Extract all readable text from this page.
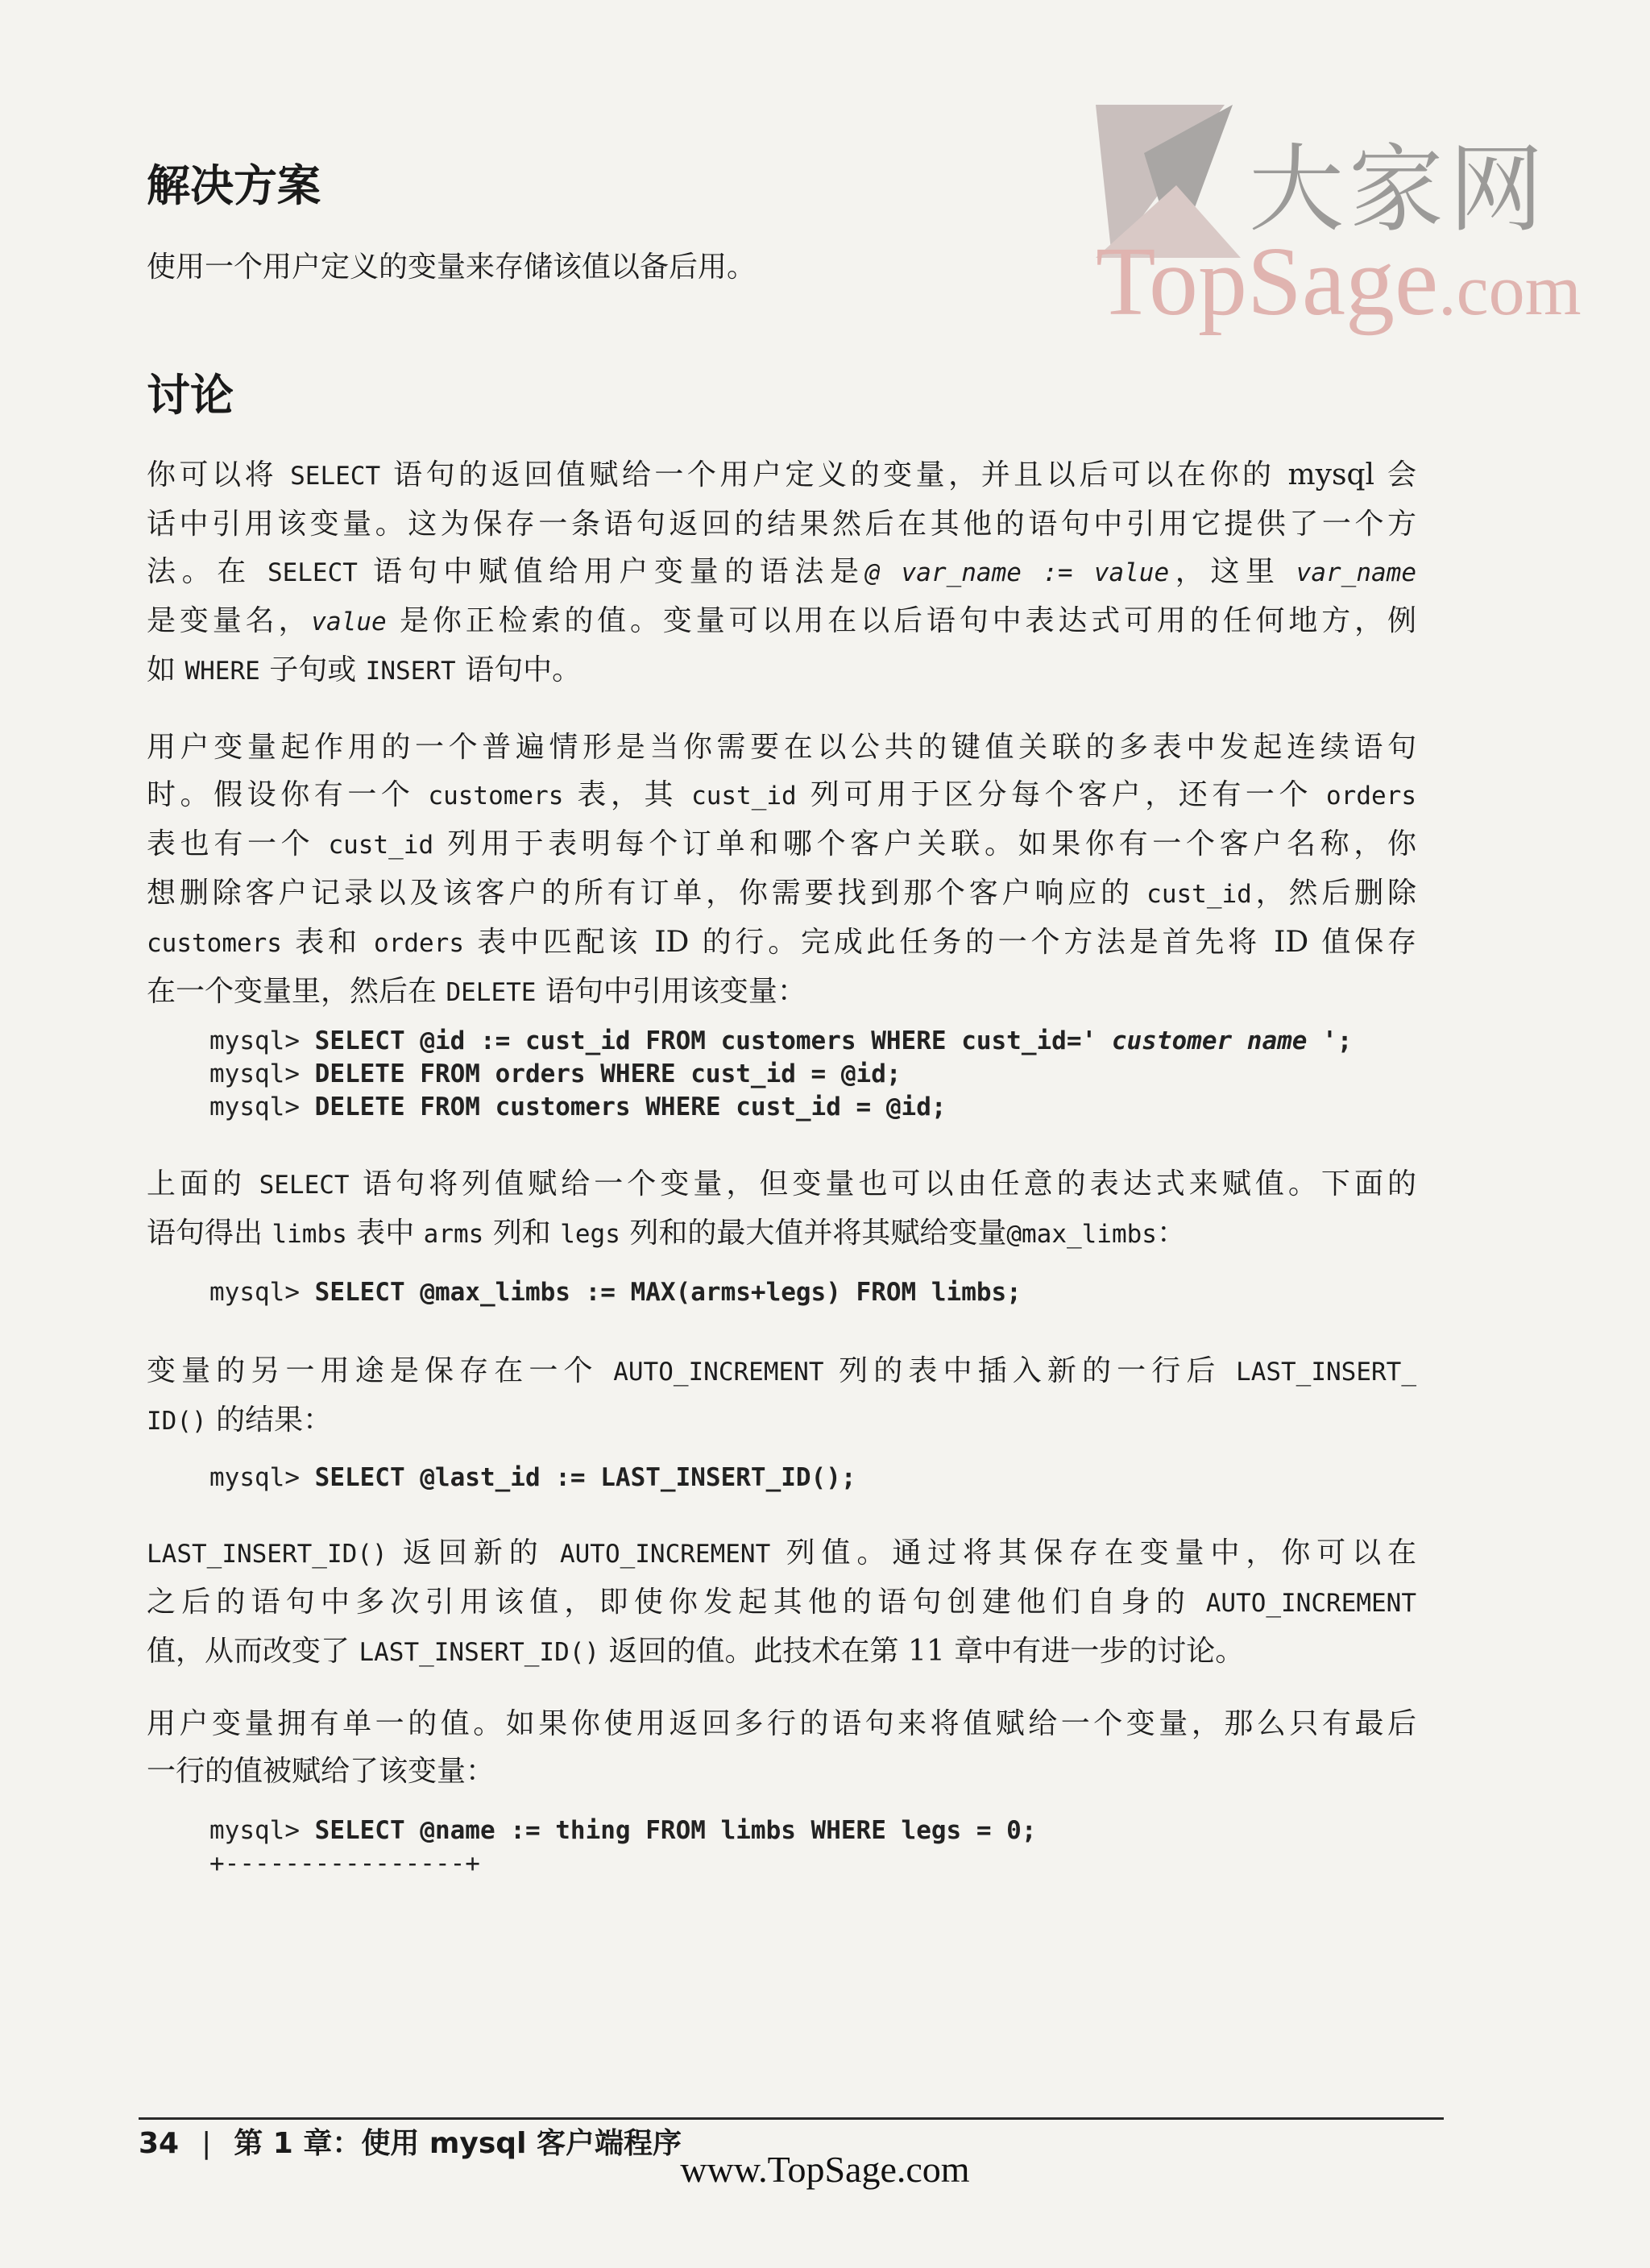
大家网
TopSage.com
解决方案
使用一个用户定义的变量来存储该值以备后用。
讨论
你可以将 SELECT 语句的返回值赋给一个用户定义的变量，并且以后可以在你的 mysql 会
话中引用该变量。这为保存一条语句返回的结果然后在其他的语句中引用它提供了一个方
法。在 SELECT 语句中赋值给用户变量的语法是@ var_name := value，这里 var_name
是变量名，value 是你正检索的值。变量可以用在以后语句中表达式可用的任何地方，例
如 WHERE 子句或 INSERT 语句中。
用户变量起作用的一个普遍情形是当你需要在以公共的键值关联的多表中发起连续语句
时。假设你有一个 customers 表，其 cust_id 列可用于区分每个客户，还有一个 orders
表也有一个 cust_id 列用于表明每个订单和哪个客户关联。如果你有一个客户名称，你
想删除客户记录以及该客户的所有订单，你需要找到那个客户响应的 cust_id，然后删除
customers 表和 orders 表中匹配该 ID 的行。完成此任务的一个方法是首先将 ID 值保存
在一个变量里，然后在 DELETE 语句中引用该变量：
mysql> SELECT @id := cust_id FROM customers WHERE cust_id=' customer name ';
mysql> DELETE FROM orders WHERE cust_id = @id;
mysql> DELETE FROM customers WHERE cust_id = @id;
上面的 SELECT 语句将列值赋给一个变量，但变量也可以由任意的表达式来赋值。下面的
语句得出 limbs 表中 arms 列和 legs 列和的最大值并将其赋给变量@max_limbs：
mysql> SELECT @max_limbs := MAX(arms+legs) FROM limbs;
变量的另一用途是保存在一个 AUTO_INCREMENT 列的表中插入新的一行后 LAST_INSERT_
ID() 的结果：
mysql> SELECT @last_id := LAST_INSERT_ID();
LAST_INSERT_ID() 返回新的 AUTO_INCREMENT 列值。通过将其保存在变量中，你可以在
之后的语句中多次引用该值，即使你发起其他的语句创建他们自身的 AUTO_INCREMENT
值，从而改变了 LAST_INSERT_ID() 返回的值。此技术在第 11 章中有进一步的讨论。
用户变量拥有单一的值。如果你使用返回多行的语句来将值赋给一个变量，那么只有最后
一行的值被赋给了该变量：
mysql> SELECT @name := thing FROM limbs WHERE legs = 0;
+----------------+
34 | 第 1 章：使用 mysql 客户端程序
www.TopSage.com
